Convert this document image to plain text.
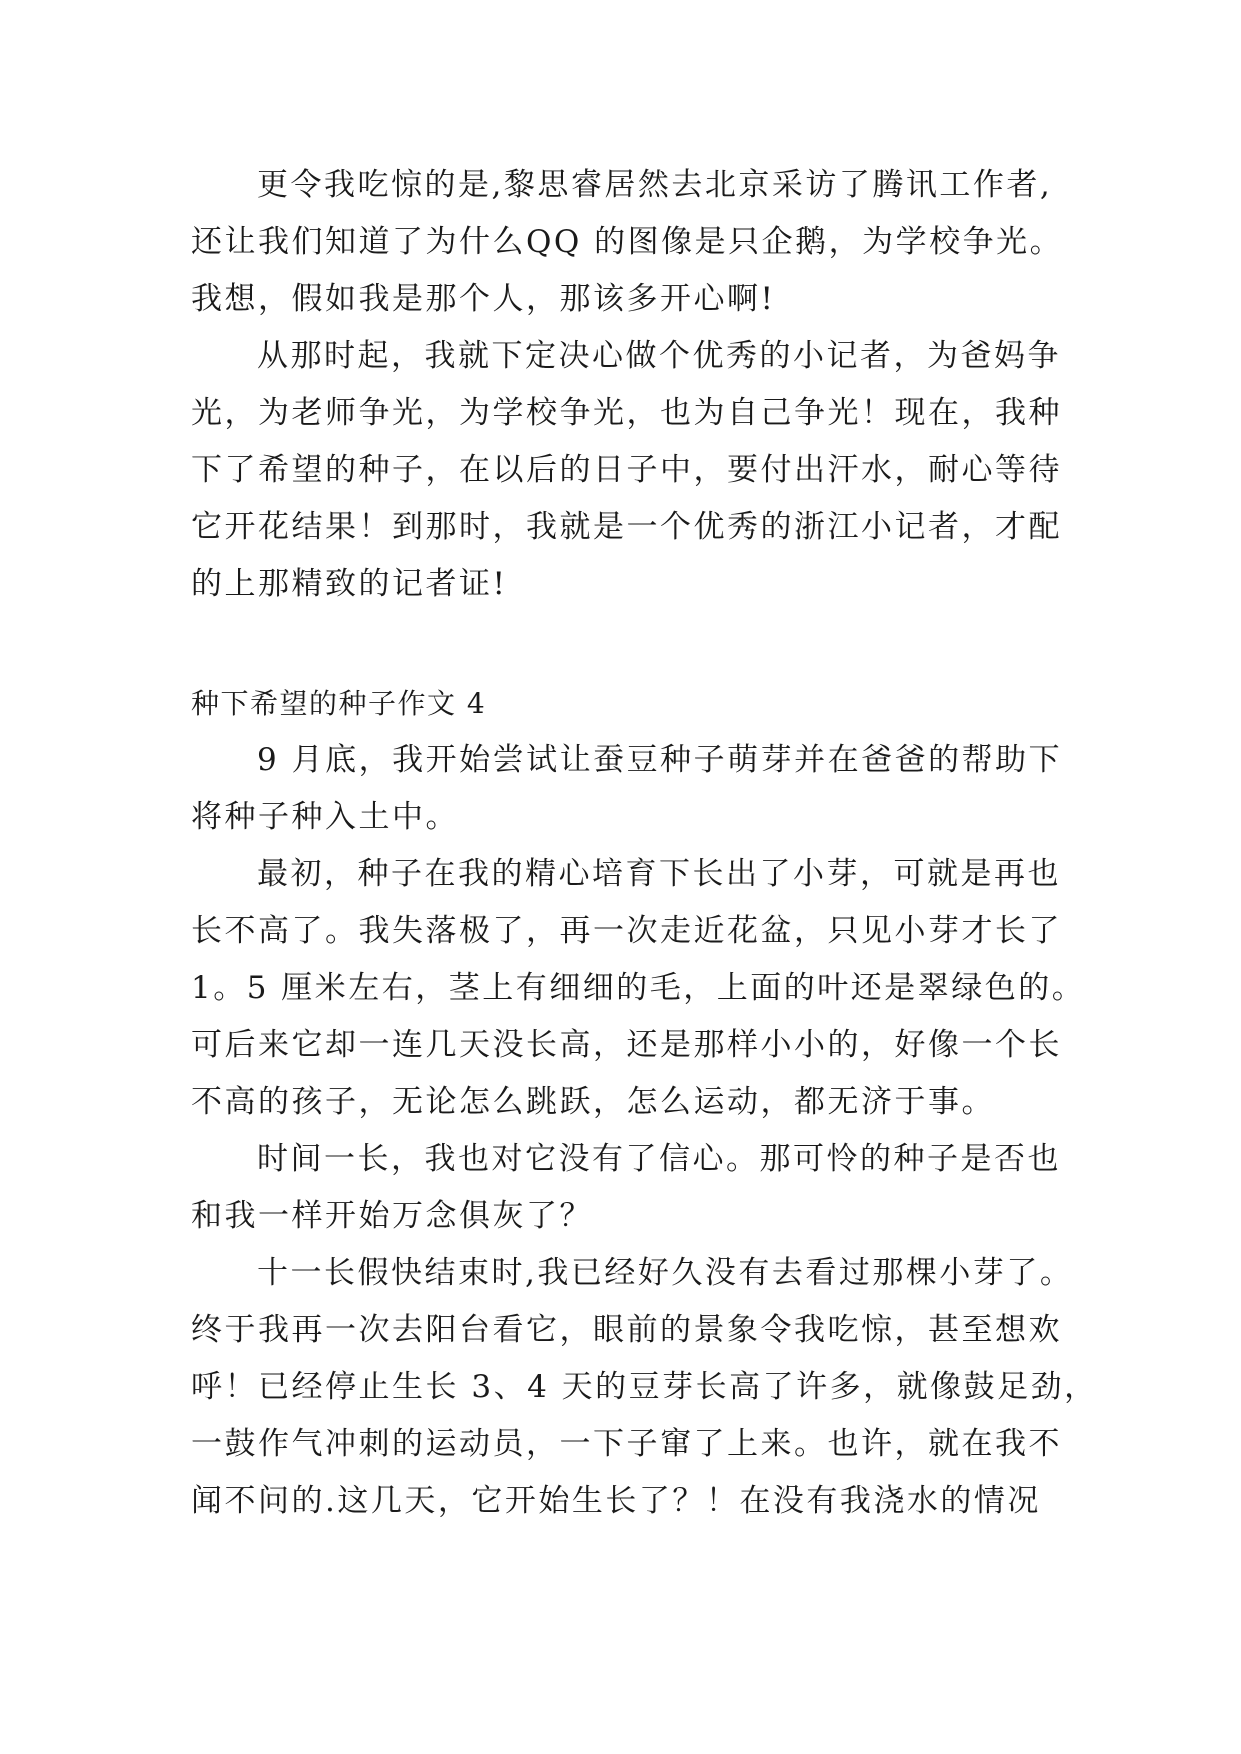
更令我吃惊的是,黎思睿居然去北京采访了腾讯工作者,
还让我们知道了为什么QQ 的图像是只企鹅，为学校争光。
我想，假如我是那个人，那该多开心啊!
从那时起，我就下定决心做个优秀的小记者，为爸妈争
光，为老师争光，为学校争光，也为自己争光！现在，我种
下了希望的种子，在以后的日子中，要付出汗水，耐心等待
它开花结果！到那时，我就是一个优秀的浙江小记者，才配
的上那精致的记者证!
种下希望的种子作文 4
9 月底，我开始尝试让蚕豆种子萌芽并在爸爸的帮助下
将种子种入土中。
最初，种子在我的精心培育下长出了小芽，可就是再也
长不高了。我失落极了，再一次走近花盆，只见小芽才长了
1。5 厘米左右，茎上有细细的毛，上面的叶还是翠绿色的。
可后来它却一连几天没长高，还是那样小小的，好像一个长
不高的孩子，无论怎么跳跃，怎么运动，都无济于事。
时间一长，我也对它没有了信心。那可怜的种子是否也
和我一样开始万念俱灰了？
十一长假快结束时,我已经好久没有去看过那棵小芽了。
终于我再一次去阳台看它，眼前的景象令我吃惊，甚至想欢
呼！已经停止生长 3、4 天的豆芽长高了许多，就像鼓足劲，
一鼓作气冲刺的运动员，一下子窜了上来。也许，就在我不
闻不问的.这几天，它开始生长了？！在没有我浇水的情况
